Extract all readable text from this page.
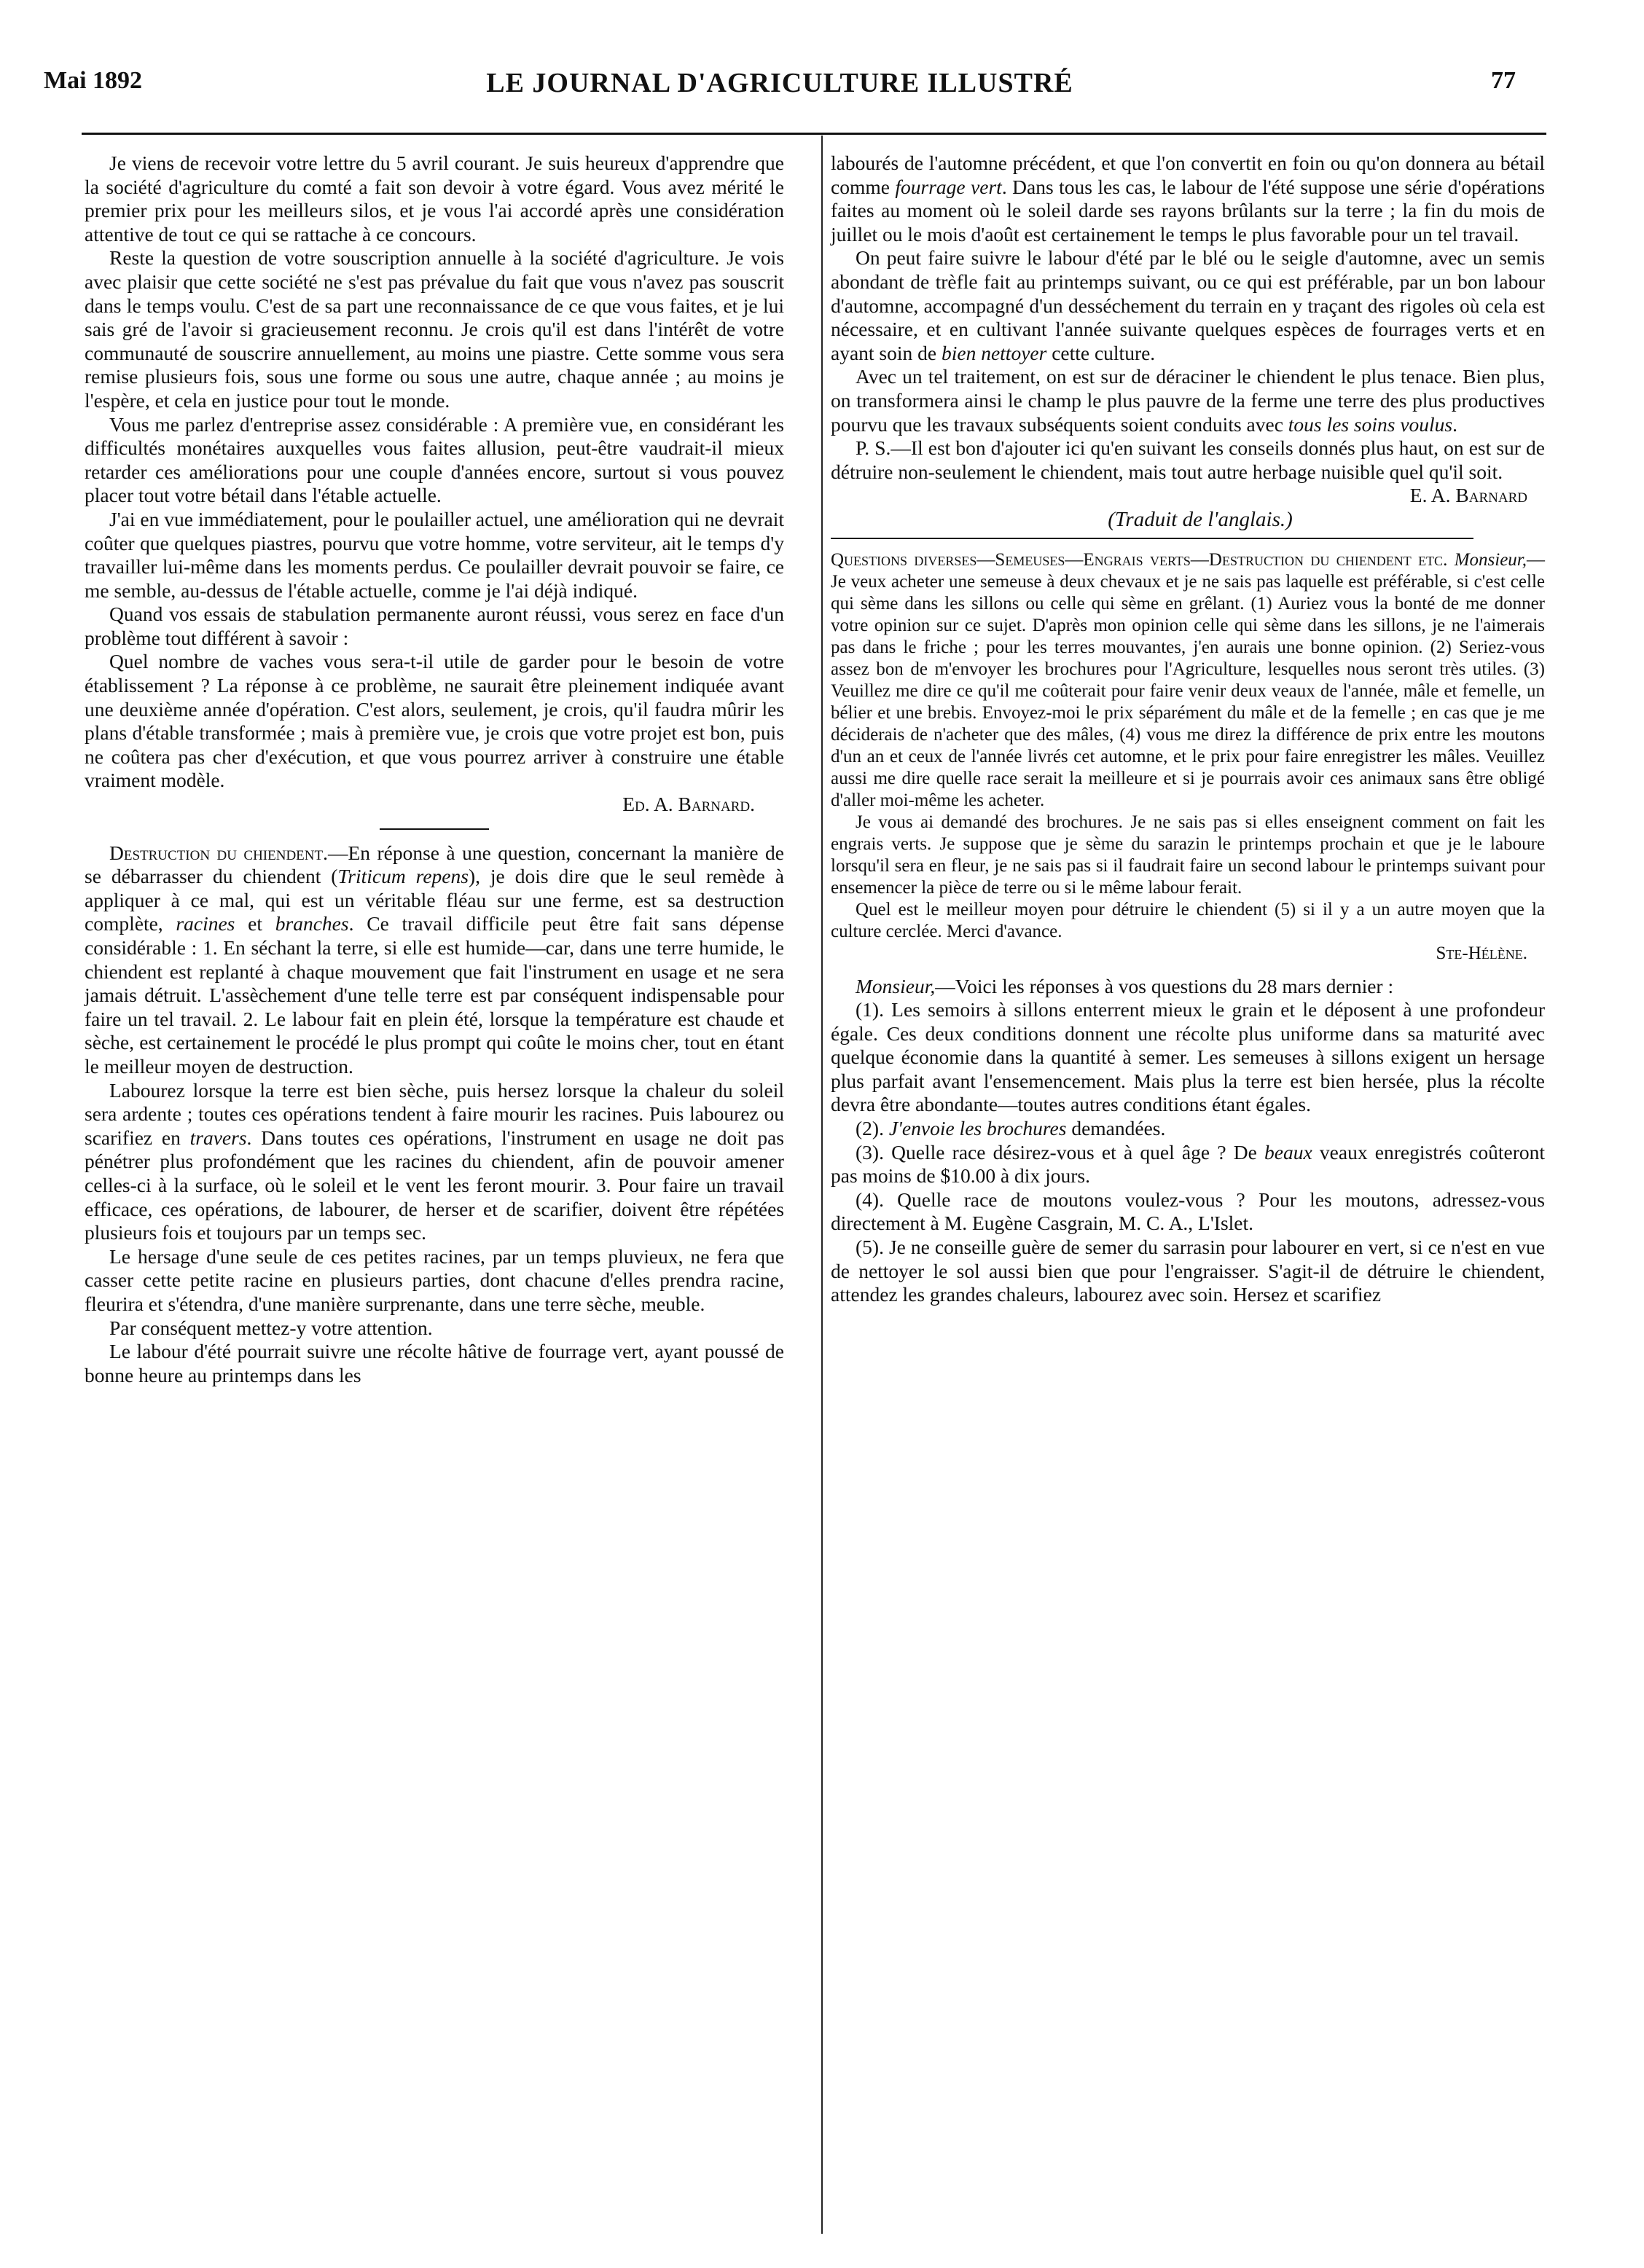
Mai 1892	LE JOURNAL D'AGRICULTURE ILLUSTRÉ	77

Je viens de recevoir votre lettre du 5 avril courant. Je suis heureux d'apprendre que la société d'agriculture du comté a fait son devoir à votre égard. Vous avez mérité le premier prix pour les meilleurs silos, et je vous l'ai accordé après une considération attentive de tout ce qui se rattache à ce concours.

Reste la question de votre souscription annuelle à la société d'agriculture. Je vois avec plaisir que cette société ne s'est pas prévalue du fait que vous n'avez pas souscrit dans le temps voulu. C'est de sa part une reconnaissance de ce que vous faites, et je lui sais gré de l'avoir si gracieusement reconnu. Je crois qu'il est dans l'intérêt de votre communauté de souscrire annuellement, au moins une piastre. Cette somme vous sera remise plusieurs fois, sous une forme ou sous une autre, chaque année ; au moins je l'espère, et cela en justice pour tout le monde.

Vous me parlez d'entreprise assez considérable : A première vue, en considérant les difficultés monétaires auxquelles vous faites allusion, peut-être vaudrait-il mieux retarder ces améliorations pour une couple d'années encore, surtout si vous pouvez placer tout votre bétail dans l'étable actuelle.

J'ai en vue immédiatement, pour le poulailler actuel, une amélioration qui ne devrait coûter que quelques piastres, pourvu que votre homme, votre serviteur, ait le temps d'y travailler lui-même dans les moments perdus. Ce poulailler devrait pouvoir se faire, ce me semble, au-dessus de l'étable actuelle, comme je l'ai déjà indiqué.

Quand vos essais de stabulation permanente auront réussi, vous serez en face d'un problème tout différent à savoir :

Quel nombre de vaches vous sera-t-il utile de garder pour le besoin de votre établissement ? La réponse à ce problème, ne saurait être pleinement indiquée avant une deuxième année d'opération. C'est alors, seulement, je crois, qu'il faudra mûrir les plans d'étable transformée ; mais à première vue, je crois que votre projet est bon, puis ne coûtera pas cher d'exécution, et que vous pourrez arriver à construire une étable vraiment modèle.

Ed. A. Barnard.

Destruction du chiendent.—En réponse à une question, concernant la manière de se débarrasser du chiendent (Triticum repens), je dois dire que le seul remède à appliquer à ce mal, qui est un véritable fléau sur une ferme, est sa destruction complète, racines et branches. Ce travail difficile peut être fait sans dépense considérable : 1. En séchant la terre, si elle est humide—car, dans une terre humide, le chiendent est replanté à chaque mouvement que fait l'instrument en usage et ne sera jamais détruit. L'assèchement d'une telle terre est par conséquent indispensable pour faire un tel travail. 2. Le labour fait en plein été, lorsque la température est chaude et sèche, est certainement le procédé le plus prompt qui coûte le moins cher, tout en étant le meilleur moyen de destruction.

Labourez lorsque la terre est bien sèche, puis hersez lorsque la chaleur du soleil sera ardente ; toutes ces opérations tendent à faire mourir les racines. Puis labourez ou scarifiez en travers. Dans toutes ces opérations, l'instrument en usage ne doit pas pénétrer plus profondément que les racines du chiendent, afin de pouvoir amener celles-ci à la surface, où le soleil et le vent les feront mourir. 3. Pour faire un travail efficace, ces opérations, de labourer, de herser et de scarifier, doivent être répétées plusieurs fois et toujours par un temps sec.

Le hersage d'une seule de ces petites racines, par un temps pluvieux, ne fera que casser cette petite racine en plusieurs parties, dont chacune d'elles prendra racine, fleurira et s'étendra, d'une manière surprenante, dans une terre sèche, meuble.

Par conséquent mettez-y votre attention.

Le labour d'été pourrait suivre une récolte hâtive de fourrage vert, ayant poussé de bonne heure au printemps dans les

labourés de l'automne précédent, et que l'on convertit en foin ou qu'on donnera au bétail comme fourrage vert. Dans tous les cas, le labour de l'été suppose une série d'opérations faites au moment où le soleil darde ses rayons brûlants sur la terre ; la fin du mois de juillet ou le mois d'août est certainement le temps le plus favorable pour un tel travail.

On peut faire suivre le labour d'été par le blé ou le seigle d'automne, avec un semis abondant de trèfle fait au printemps suivant, ou ce qui est préférable, par un bon labour d'automne, accompagné d'un desséchement du terrain en y traçant des rigoles où cela est nécessaire, et en cultivant l'année suivante quelques espèces de fourrages verts et en ayant soin de bien nettoyer cette culture.

Avec un tel traitement, on est sur de déraciner le chiendent le plus tenace. Bien plus, on transformera ainsi le champ le plus pauvre de la ferme une terre des plus productives pourvu que les travaux subséquents soient conduits avec tous les soins voulus.

P. S.—Il est bon d'ajouter ici qu'en suivant les conseils donnés plus haut, on est sur de détruire non-seulement le chiendent, mais tout autre herbage nuisible quel qu'il soit.

E. A. Barnard

(Traduit de l'anglais.)

Questions diverses—Semeuses—Engrais verts—Destruction du chiendent etc. Monsieur,—Je veux acheter une semeuse à deux chevaux et je ne sais pas laquelle est préférable, si c'est celle qui sème dans les sillons ou celle qui sème en grêlant. (1) Auriez vous la bonté de me donner votre opinion sur ce sujet. D'après mon opinion celle qui sème dans les sillons, je ne l'aimerais pas dans le friche ; pour les terres mouvantes, j'en aurais une bonne opinion. (2) Seriez-vous assez bon de m'envoyer les brochures pour l'Agriculture, lesquelles nous seront très utiles. (3) Veuillez me dire ce qu'il me coûterait pour faire venir deux veaux de l'année, mâle et femelle, un bélier et une brebis. Envoyez-moi le prix séparément du mâle et de la femelle ; en cas que je me déciderais de n'acheter que des mâles, (4) vous me direz la différence de prix entre les moutons d'un an et ceux de l'année livrés cet automne, et le prix pour faire enregistrer les mâles. Veuillez aussi me dire quelle race serait la meilleure et si je pourrais avoir ces animaux sans être obligé d'aller moi-même les acheter.

Je vous ai demandé des brochures. Je ne sais pas si elles enseignent comment on fait les engrais verts. Je suppose que je sème du sarazin le printemps prochain et que je le laboure lorsqu'il sera en fleur, je ne sais pas si il faudrait faire un second labour le printemps suivant pour ensemencer la pièce de terre ou si le même labour ferait.

Quel est le meilleur moyen pour détruire le chiendent (5) si il y a un autre moyen que la culture cerclée. Merci d'avance.

Ste-Hélène.

Monsieur,—Voici les réponses à vos questions du 28 mars dernier :

(1). Les semoirs à sillons enterrent mieux le grain et le déposent à une profondeur égale. Ces deux conditions donnent une récolte plus uniforme dans sa maturité avec quelque économie dans la quantité à semer. Les semeuses à sillons exigent un hersage plus parfait avant l'ensemencement. Mais plus la terre est bien hersée, plus la récolte devra être abondante—toutes autres conditions étant égales.

(2). J'envoie les brochures demandées.

(3). Quelle race désirez-vous et à quel âge ? De beaux veaux enregistrés coûteront pas moins de $10.00 à dix jours.

(4). Quelle race de moutons voulez-vous ? Pour les moutons, adressez-vous directement à M. Eugène Casgrain, M. C. A., L'Islet.

(5). Je ne conseille guère de semer du sarrasin pour labourer en vert, si ce n'est en vue de nettoyer le sol aussi bien que pour l'engraisser. S'agit-il de détruire le chiendent, attendez les grandes chaleurs, labourez avec soin. Hersez et scarifiez
